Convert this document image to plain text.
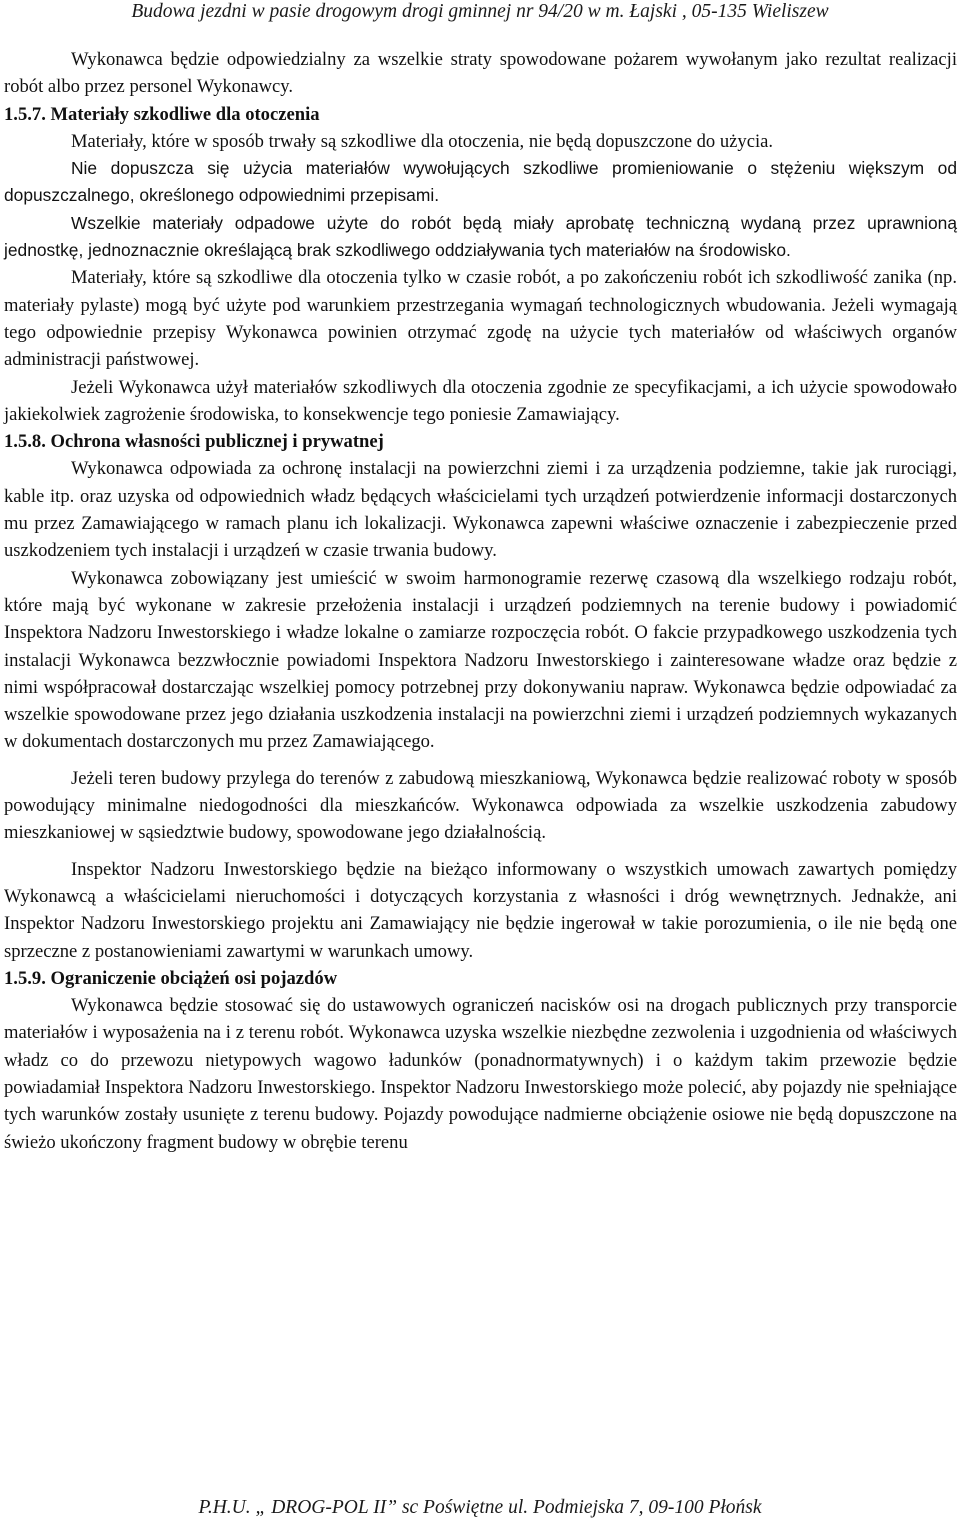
Budowa jezdni w pasie drogowym drogi gminnej nr 94/20 w m. Łajski , 05-135 Wieliszew

Wykonawca będzie odpowiedzialny za wszelkie straty spowodowane pożarem wywołanym jako rezultat realizacji robót albo przez personel Wykonawcy.

1.5.7. Materiały szkodliwe dla otoczenia

Materiały, które w sposób trwały są szkodliwe dla otoczenia, nie będą dopuszczone do użycia.

Nie dopuszcza się użycia materiałów wywołujących szkodliwe promieniowanie o stężeniu większym od dopuszczalnego, określonego odpowiednimi przepisami.

Wszelkie materiały odpadowe użyte do robót będą miały aprobatę techniczną wydaną przez uprawnioną jednostkę, jednoznacznie określającą brak szkodliwego oddziaływania tych materiałów na środowisko.

Materiały, które są szkodliwe dla otoczenia tylko w czasie robót, a po zakończeniu robót ich szkodliwość zanika (np. materiały pylaste) mogą być użyte pod warunkiem przestrzegania wymagań technologicznych wbudowania. Jeżeli wymagają tego odpowiednie przepisy Wykonawca powinien otrzymać zgodę na użycie tych materiałów od właściwych organów administracji państwowej.

Jeżeli Wykonawca użył materiałów szkodliwych dla otoczenia zgodnie ze specyfikacjami, a ich użycie spowodowało jakiekolwiek zagrożenie środowiska, to konsekwencje tego poniesie Zamawiający.

1.5.8. Ochrona własności publicznej i prywatnej

Wykonawca odpowiada za ochronę instalacji na powierzchni ziemi i za urządzenia podziemne, takie jak rurociągi, kable itp. oraz uzyska od odpowiednich władz będących właścicielami tych urządzeń potwierdzenie informacji dostarczonych mu przez Zamawiającego w ramach planu ich lokalizacji. Wykonawca zapewni właściwe oznaczenie i zabezpieczenie przed uszkodzeniem tych instalacji i urządzeń w czasie trwania budowy.

Wykonawca zobowiązany jest umieścić w swoim harmonogramie rezerwę czasową dla wszelkiego rodzaju robót, które mają być wykonane w zakresie przełożenia instalacji i urządzeń podziemnych na terenie budowy i powiadomić Inspektora Nadzoru Inwestorskiego i władze lokalne o zamiarze rozpoczęcia robót. O fakcie przypadkowego uszkodzenia tych instalacji Wykonawca bezzwłocznie powiadomi Inspektora Nadzoru Inwestorskiego i zainteresowane władze oraz będzie z nimi współpracował dostarczając wszelkiej pomocy potrzebnej przy dokonywaniu napraw. Wykonawca będzie odpowiadać za wszelkie spowodowane przez jego działania uszkodzenia instalacji na powierzchni ziemi i urządzeń podziemnych wykazanych w dokumentach dostarczonych mu przez Zamawiającego.

Jeżeli teren budowy przylega do terenów z zabudową mieszkaniową, Wykonawca będzie realizować roboty w sposób powodujący minimalne niedogodności dla mieszkańców. Wykonawca odpowiada za wszelkie uszkodzenia zabudowy mieszkaniowej w sąsiedztwie budowy, spowodowane jego działalnością.

Inspektor Nadzoru Inwestorskiego będzie na bieżąco informowany o wszystkich umowach zawartych pomiędzy Wykonawcą a właścicielami nieruchomości i dotyczących korzystania z własności i dróg wewnętrznych. Jednakże, ani Inspektor Nadzoru Inwestorskiego projektu ani Zamawiający nie będzie ingerował w takie porozumienia, o ile nie będą one sprzeczne z postanowieniami zawartymi w warunkach umowy.

1.5.9. Ograniczenie obciążeń osi pojazdów

Wykonawca będzie stosować się do ustawowych ograniczeń nacisków osi na drogach publicznych przy transporcie materiałów i wyposażenia na i z terenu robót. Wykonawca uzyska wszelkie niezbędne zezwolenia i uzgodnienia od właściwych władz co do przewozu nietypowych wagowo ładunków (ponadnormatywnych) i o każdym takim przewozie będzie powiadamiał Inspektora Nadzoru Inwestorskiego. Inspektor Nadzoru Inwestorskiego może polecić, aby pojazdy nie spełniające tych warunków zostały usunięte z terenu budowy. Pojazdy powodujące nadmierne obciążenie osiowe nie będą dopuszczone na świeżo ukończony fragment budowy w obrębie terenu

P.H.U. „ DROG-POL II” sc Poświętne ul. Podmiejska 7, 09-100 Płońsk
